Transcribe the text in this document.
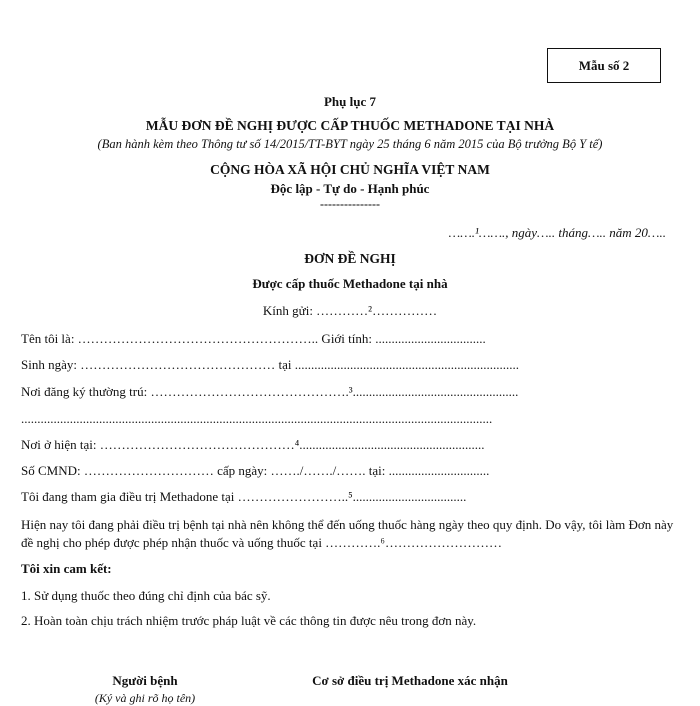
Mẫu số 2
Phụ lục 7
MẪU ĐƠN ĐỀ NGHỊ ĐƯỢC CẤP THUỐC METHADONE TẠI NHÀ
(Ban hành kèm theo Thông tư số 14/2015/TT-BYT ngày 25 tháng 6 năm 2015 của Bộ trưởng Bộ Y tế)
CỘNG HÒA XÃ HỘI CHỦ NGHĨA VIỆT NAM
Độc lập - Tự do - Hạnh phúc
---------------
…….¹……., ngày….. tháng….. năm 20…..
ĐƠN ĐỀ NGHỊ
Được cấp thuốc Methadone tại nhà
Kính gửi: …………²……………
Tên tôi là: ……………………………………………….. Giới tính: ..................................
Sinh ngày: ……………………………………… tại .....................................................................
Nơi đăng ký thường trú: ……………………………………….³...................................................
.................................................................................................................................................
Nơi ở hiện tại: ………………………………………⁴.........................................................
Số CMND: ………………………… cấp ngày: ……./……./……. tại: ...............................
Tôi đang tham gia điều trị Methadone tại ……………………..⁵...................................
Hiện nay tôi đang phải điều trị bệnh tại nhà nên không thể đến uống thuốc hàng ngày theo quy định. Do vậy, tôi làm Đơn này đề nghị cho phép được phép nhận thuốc và uống thuốc tại ………….⁶………………………
Tôi xin cam kết:
1. Sử dụng thuốc theo đúng chỉ định của bác sỹ.
2. Hoàn toàn chịu trách nhiệm trước pháp luật về các thông tin được nêu trong đơn này.
Người bệnh
(Ký và ghi rõ họ tên)
Cơ sở điều trị Methadone xác nhận
